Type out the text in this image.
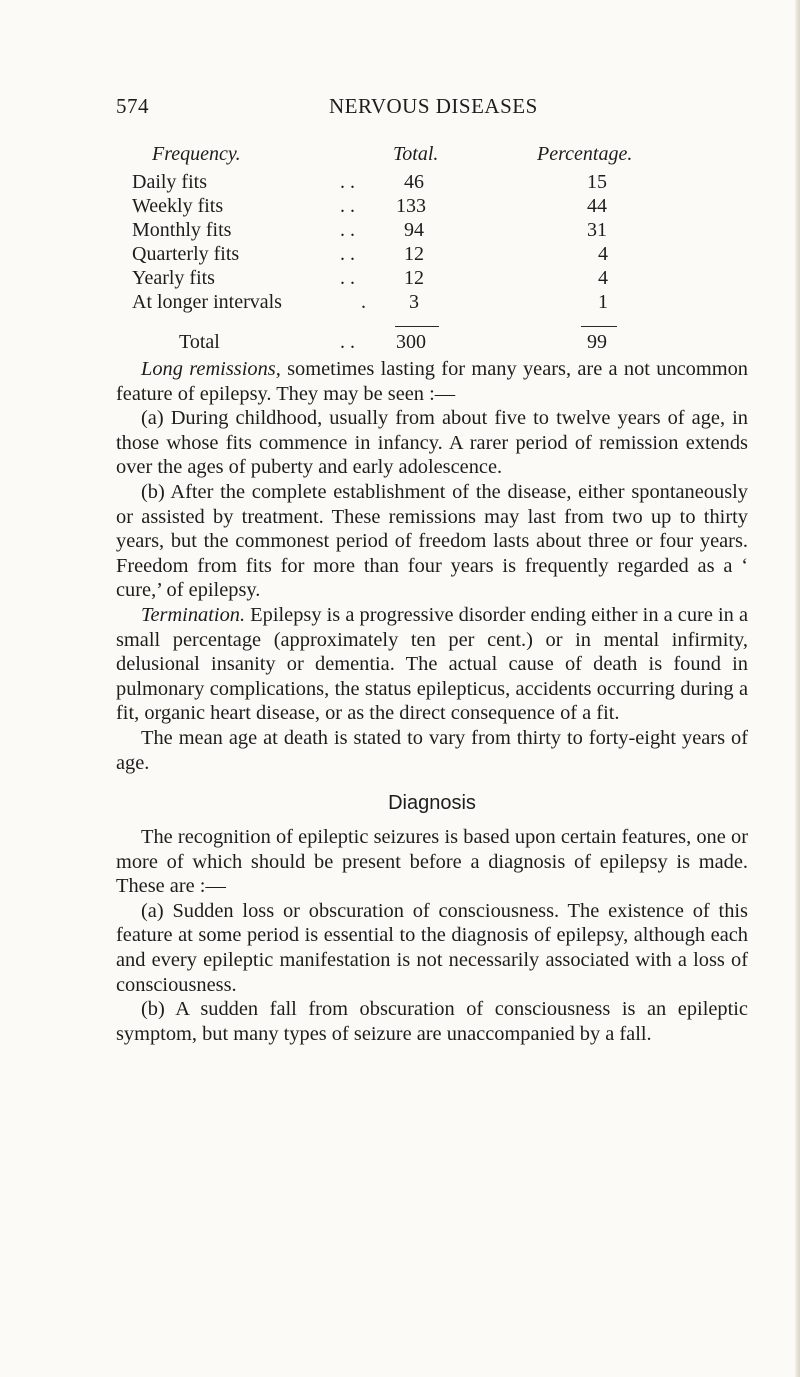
574	NERVOUS DISEASES
Frequency.	Total.	Percentage.
Daily fits	. . 46	15
Weekly fits	. . 133	44
Monthly fits	. . 94	31
Quarterly fits	. . 12	4
Yearly fits	. . 12	4
At longer intervals	. 3	1
Total	. . 300	99

Long remissions, sometimes lasting for many years, are a not uncommon feature of epilepsy. They may be seen :—

(a) During childhood, usually from about five to twelve years of age, in those whose fits commence in infancy. A rarer period of remission extends over the ages of puberty and early adolescence.

(b) After the complete establishment of the disease, either spontaneously or assisted by treatment. These remissions may last from two up to thirty years, but the commonest period of freedom lasts about three or four years. Freedom from fits for more than four years is frequently regarded as a ‘ cure,’ of epilepsy.

Termination. Epilepsy is a progressive disorder ending either in a cure in a small percentage (approximately ten per cent.) or in mental infirmity, delusional insanity or dementia. The actual cause of death is found in pulmonary complications, the status epilepticus, accidents occurring during a fit, organic heart disease, or as the direct consequence of a fit.

The mean age at death is stated to vary from thirty to forty-eight years of age.

Diagnosis

The recognition of epileptic seizures is based upon certain features, one or more of which should be present before a diagnosis of epilepsy is made. These are :—

(a) Sudden loss or obscuration of consciousness. The existence of this feature at some period is essential to the diagnosis of epilepsy, although each and every epileptic manifestation is not necessarily associated with a loss of consciousness.

(b) A sudden fall from obscuration of consciousness is an epileptic symptom, but many types of seizure are unaccompanied by a fall.
